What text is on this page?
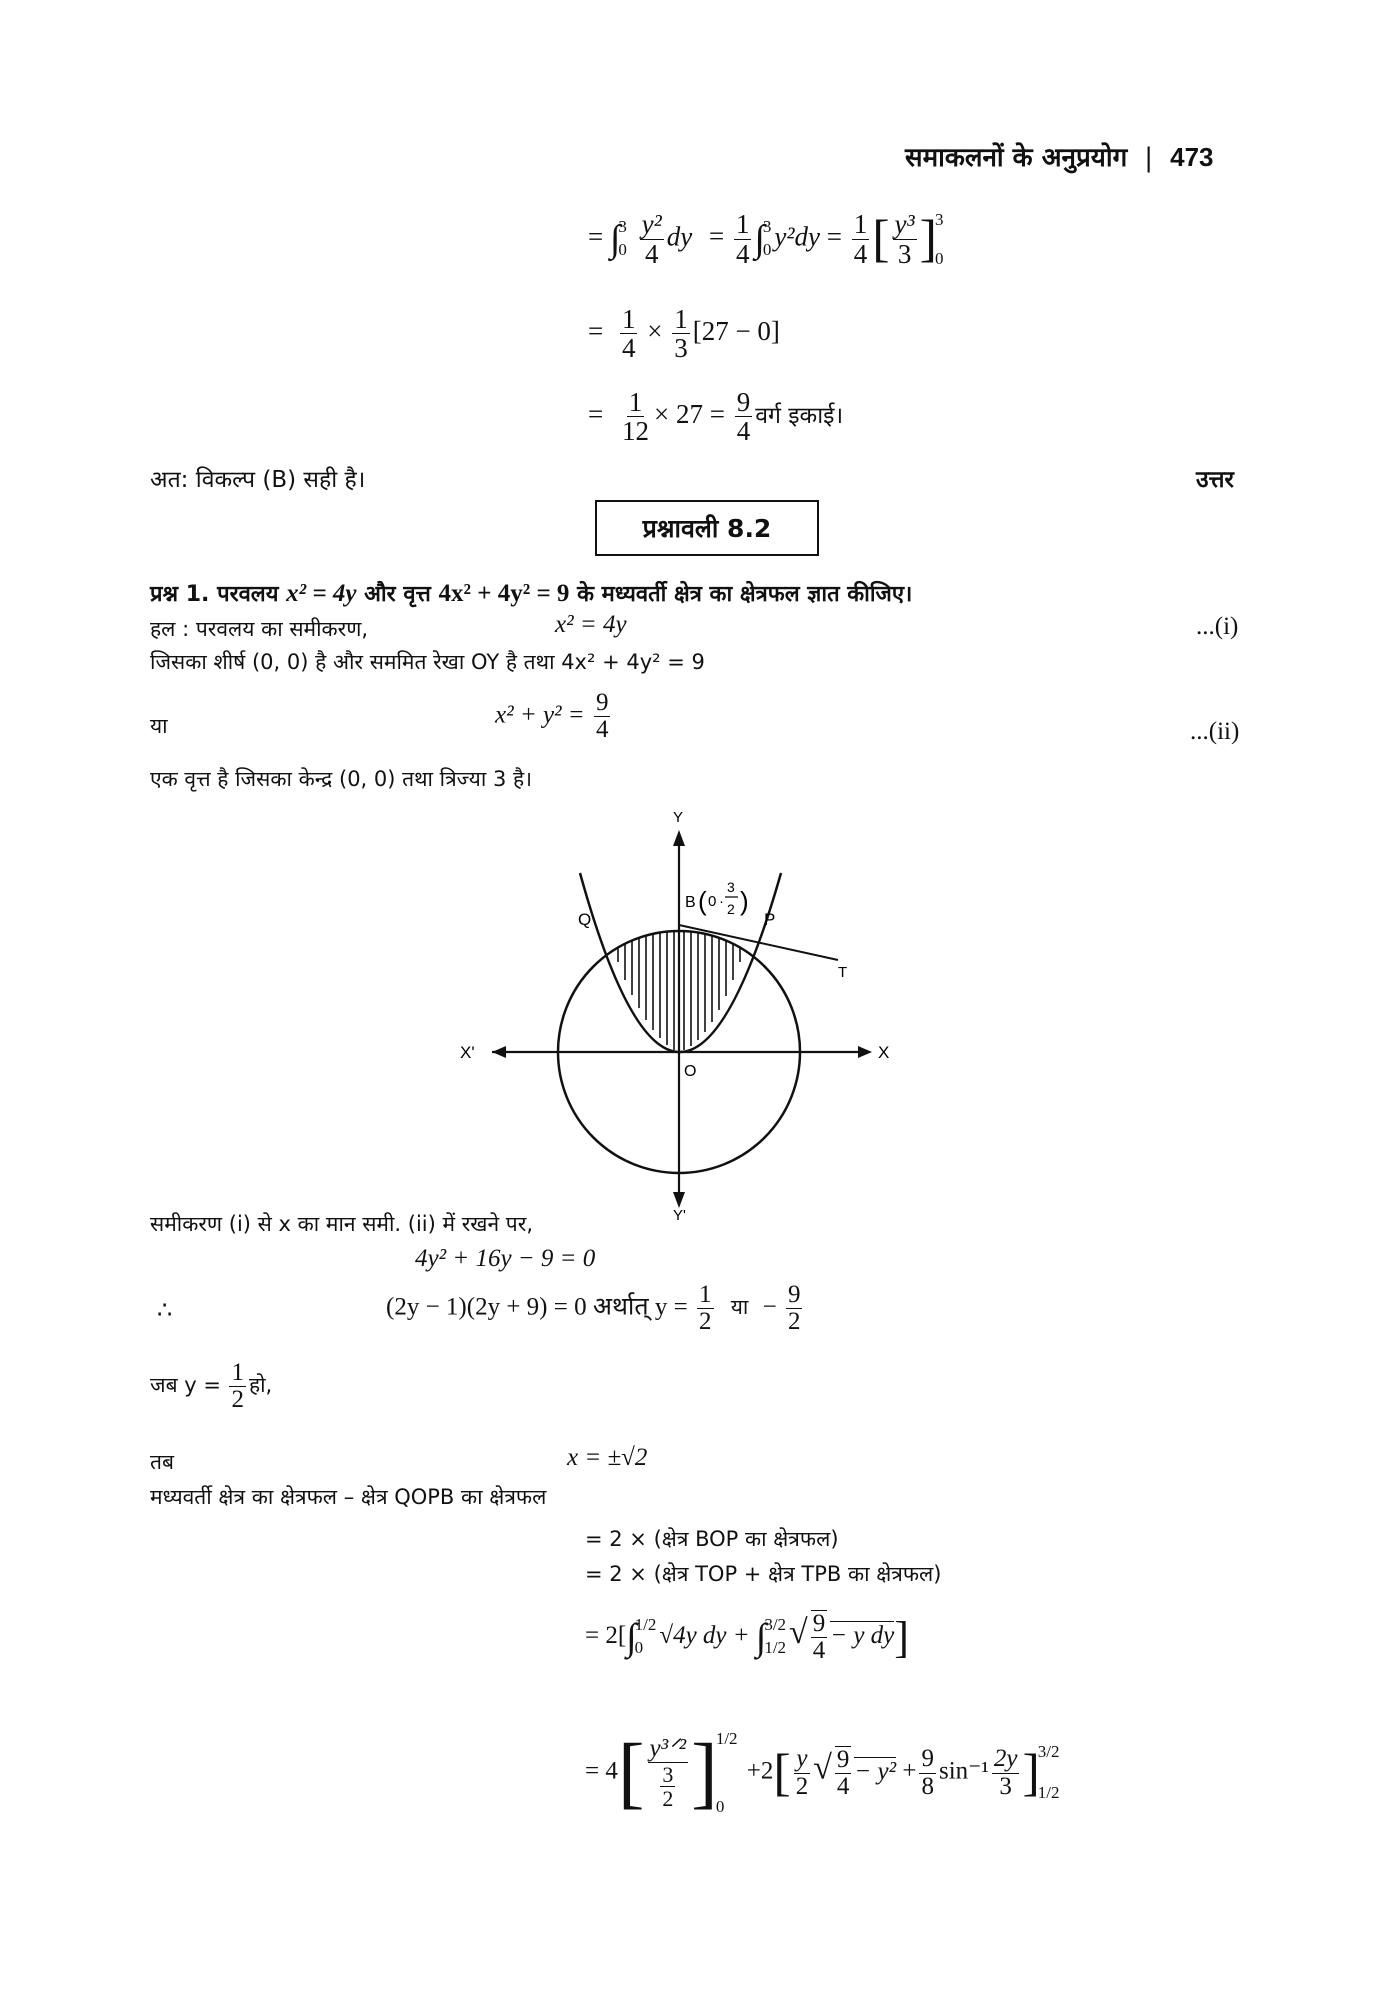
समाकलनों के अनुप्रयोग | 473
= ∫
3
0
$\frac{\text{y²}}{4}$ dy = $\frac{1}{4}$ ∫
3
0 $y^2dy = \frac{1}{4}$ [ $\frac{\text{y³}}{3}$ ]
3
0
= $\frac{1}{4} \times \frac{1}{3} [27 - 0]$
= $\frac{1}{12} \times 27 = \frac{9}{4}$ वर्ग इकाई।
अत: विकल्प (B) सही है।	उत्तर
प्रश्नावली 8.2
प्रश्न 1. परवलय x² = 4y और वृत्त 4x² + 4y² = 9 के मध्यवर्ती क्षेत्र का क्षेत्रफल ज्ञात कीजिए।
हल : परवलय का समीकरण,	x² = 4y	...(i)
जिसका शीर्ष (0, 0) है और सममित रेखा OY है तथा 4x² + 4y² = 9
या	$x^2 + y^2 = \frac{9}{4}$	...(ii)
एक वृत्त है जिसका केन्द्र (0, 0) तथा त्रिज्या 3 है।
Y
Y'
X
X'
O
P
Q
T
B ( 0 ·
3
2 )
समीकरण (i) से x का मान समी. (ii) में रखने पर,
4y² + 16y − 9 = 0
∴	(2y − 1)(2y + 9) = 0 अर्थात् $y = \frac{1}{2}$ या − $\frac{9}{2}$
जब $y = \frac{1}{2}$ हो,
तब	x = ±√2
मध्यवर्ती क्षेत्र का क्षेत्रफल – क्षेत्र QOPB का क्षेत्रफल
= 2 × (क्षेत्र BOP का क्षेत्रफल)
= 2 × (क्षेत्र TOP + क्षेत्र TPB का क्षेत्रफल)
= 2[∫
1/2
0 √4y dy + ∫
3/2
1/2 √ $\frac{9}{4} - y$ dy]
= $4[ \frac{\text{y³ᐟ²}}{\frac{3}{2}}$ ]
1/2
0
$+2[ \frac{y}{2}$ √ $\frac{9}{4} - y^2 + \frac{9}{8} \sin^{-1} \frac{2y}{3}$ ]
3/2
1/2
